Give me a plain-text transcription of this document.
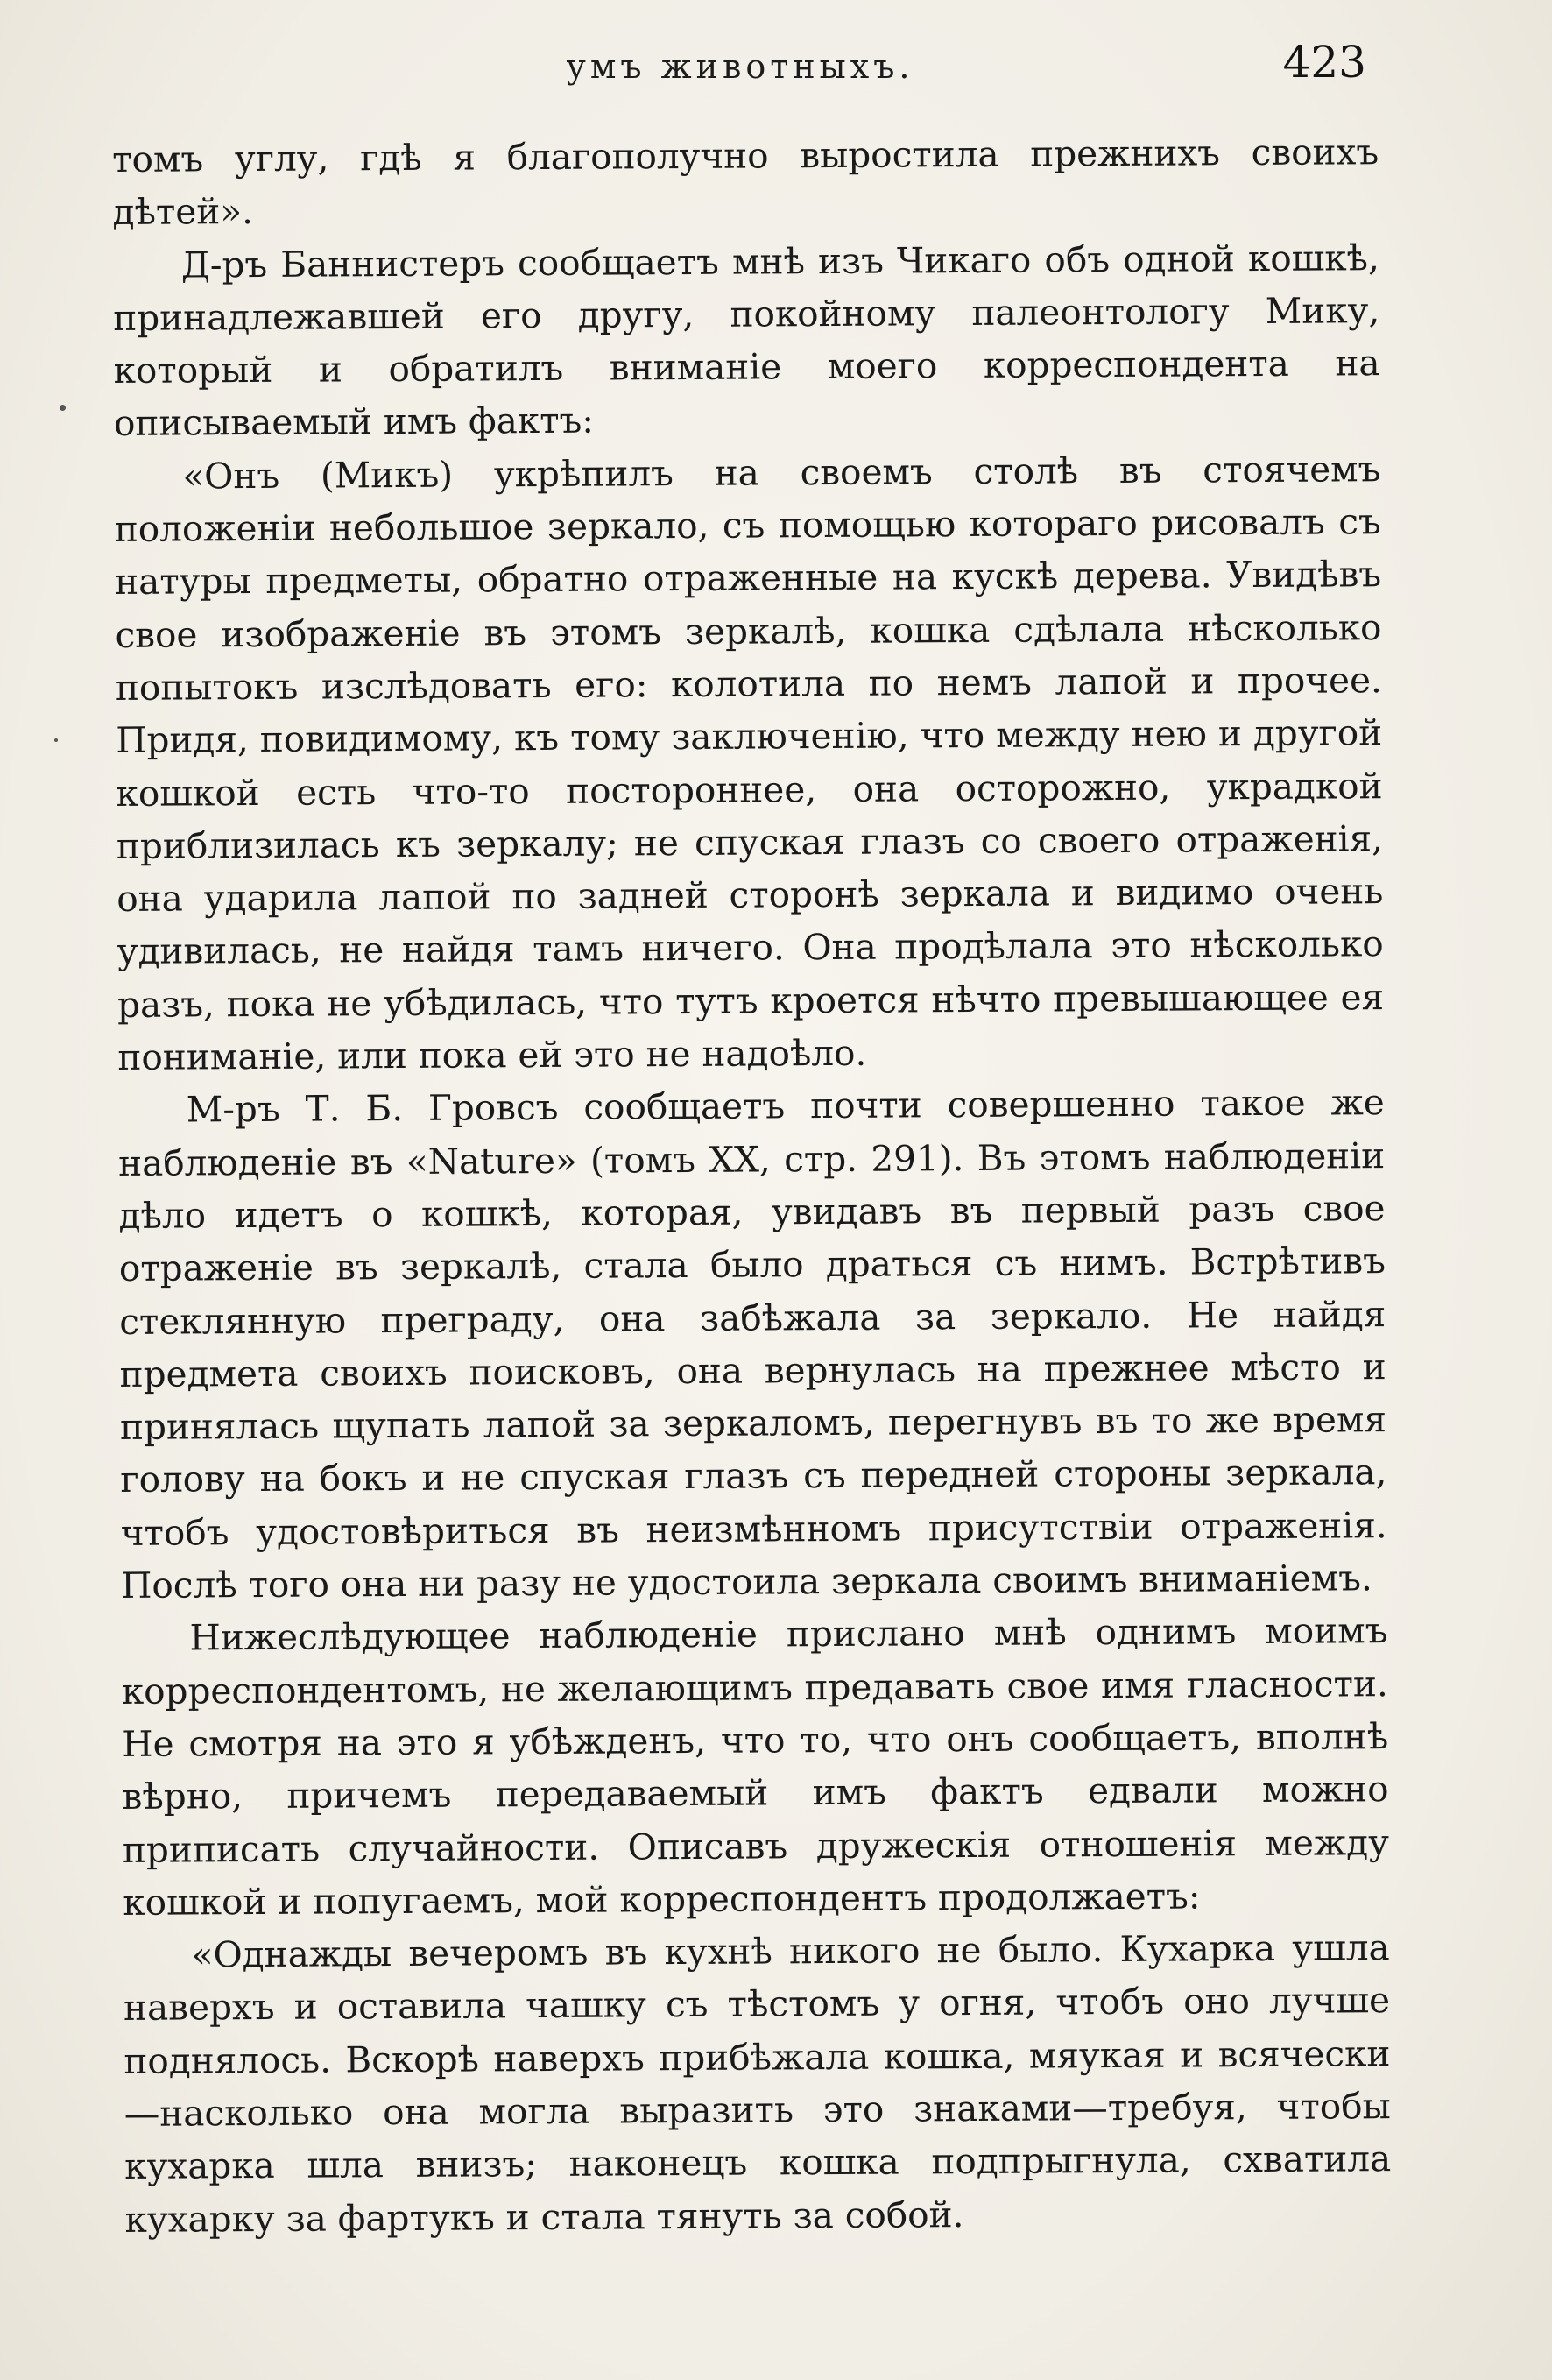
умъ животныхъ.	423

томъ углу, гдѣ я благополучно выростила прежнихъ своихъ дѣтей».

Д-ръ Баннистеръ сообщаетъ мнѣ изъ Чикаго объ одной кошкѣ, принадлежавшей его другу, покойному палеонтологу Мику, который и обратилъ вниманіе моего корреспондента на описываемый имъ фактъ:

«Онъ (Микъ) укрѣпилъ на своемъ столѣ въ стоячемъ положеніи небольшое зеркало, съ помощью котораго рисовалъ съ натуры предметы, обратно отраженные на кускѣ дерева. Увидѣвъ свое изображеніе въ этомъ зеркалѣ, кошка сдѣлала нѣсколько попытокъ изслѣдовать его: колотила по немъ лапой и прочее. Придя, повидимому, къ тому заключенію, что между нею и другой кошкой есть что-то постороннее, она осторожно, украдкой приблизилась къ зеркалу; не спуская глазъ со своего отраженія, она ударила лапой по задней сторонѣ зеркала и видимо очень удивилась, не найдя тамъ ничего. Она продѣлала это нѣсколько разъ, пока не убѣдилась, что тутъ кроется нѣчто превышающее ея пониманіе, или пока ей это не надоѣло.

М-ръ Т. Б. Гровсъ сообщаетъ почти совершенно такое же наблюденіе въ «Nature» (томъ XX, стр. 291). Въ этомъ наблюденіи дѣло идетъ о кошкѣ, которая, увидавъ въ первый разъ свое отраженіе въ зеркалѣ, стала было драться съ нимъ. Встрѣтивъ стеклянную преграду, она забѣжала за зеркало. Не найдя предмета своихъ поисковъ, она вернулась на прежнее мѣсто и принялась щупать лапой за зеркаломъ, перегнувъ въ то же время голову на бокъ и не спуская глазъ съ передней стороны зеркала, чтобъ удостовѣриться въ неизмѣнномъ присутствіи отраженія. Послѣ того она ни разу не удостоила зеркала своимъ вниманіемъ.

Нижеслѣдующее наблюденіе прислано мнѣ однимъ моимъ корреспондентомъ, не желающимъ предавать свое имя гласности. Не смотря на это я убѣжденъ, что то, что онъ сообщаетъ, вполнѣ вѣрно, причемъ передаваемый имъ фактъ едвали можно приписать случайности. Описавъ дружескія отношенія между кошкой и попугаемъ, мой корреспондентъ продолжаетъ:

«Однажды вечеромъ въ кухнѣ никого не было. Кухарка ушла наверхъ и оставила чашку съ тѣстомъ у огня, чтобъ оно лучше поднялось. Вскорѣ наверхъ прибѣжала кошка, мяукая и всячески—насколько она могла выразить это знаками—требуя, чтобы кухарка шла внизъ; наконецъ кошка подпрыгнула, схватила кухарку за фартукъ и стала тянуть за собой.
